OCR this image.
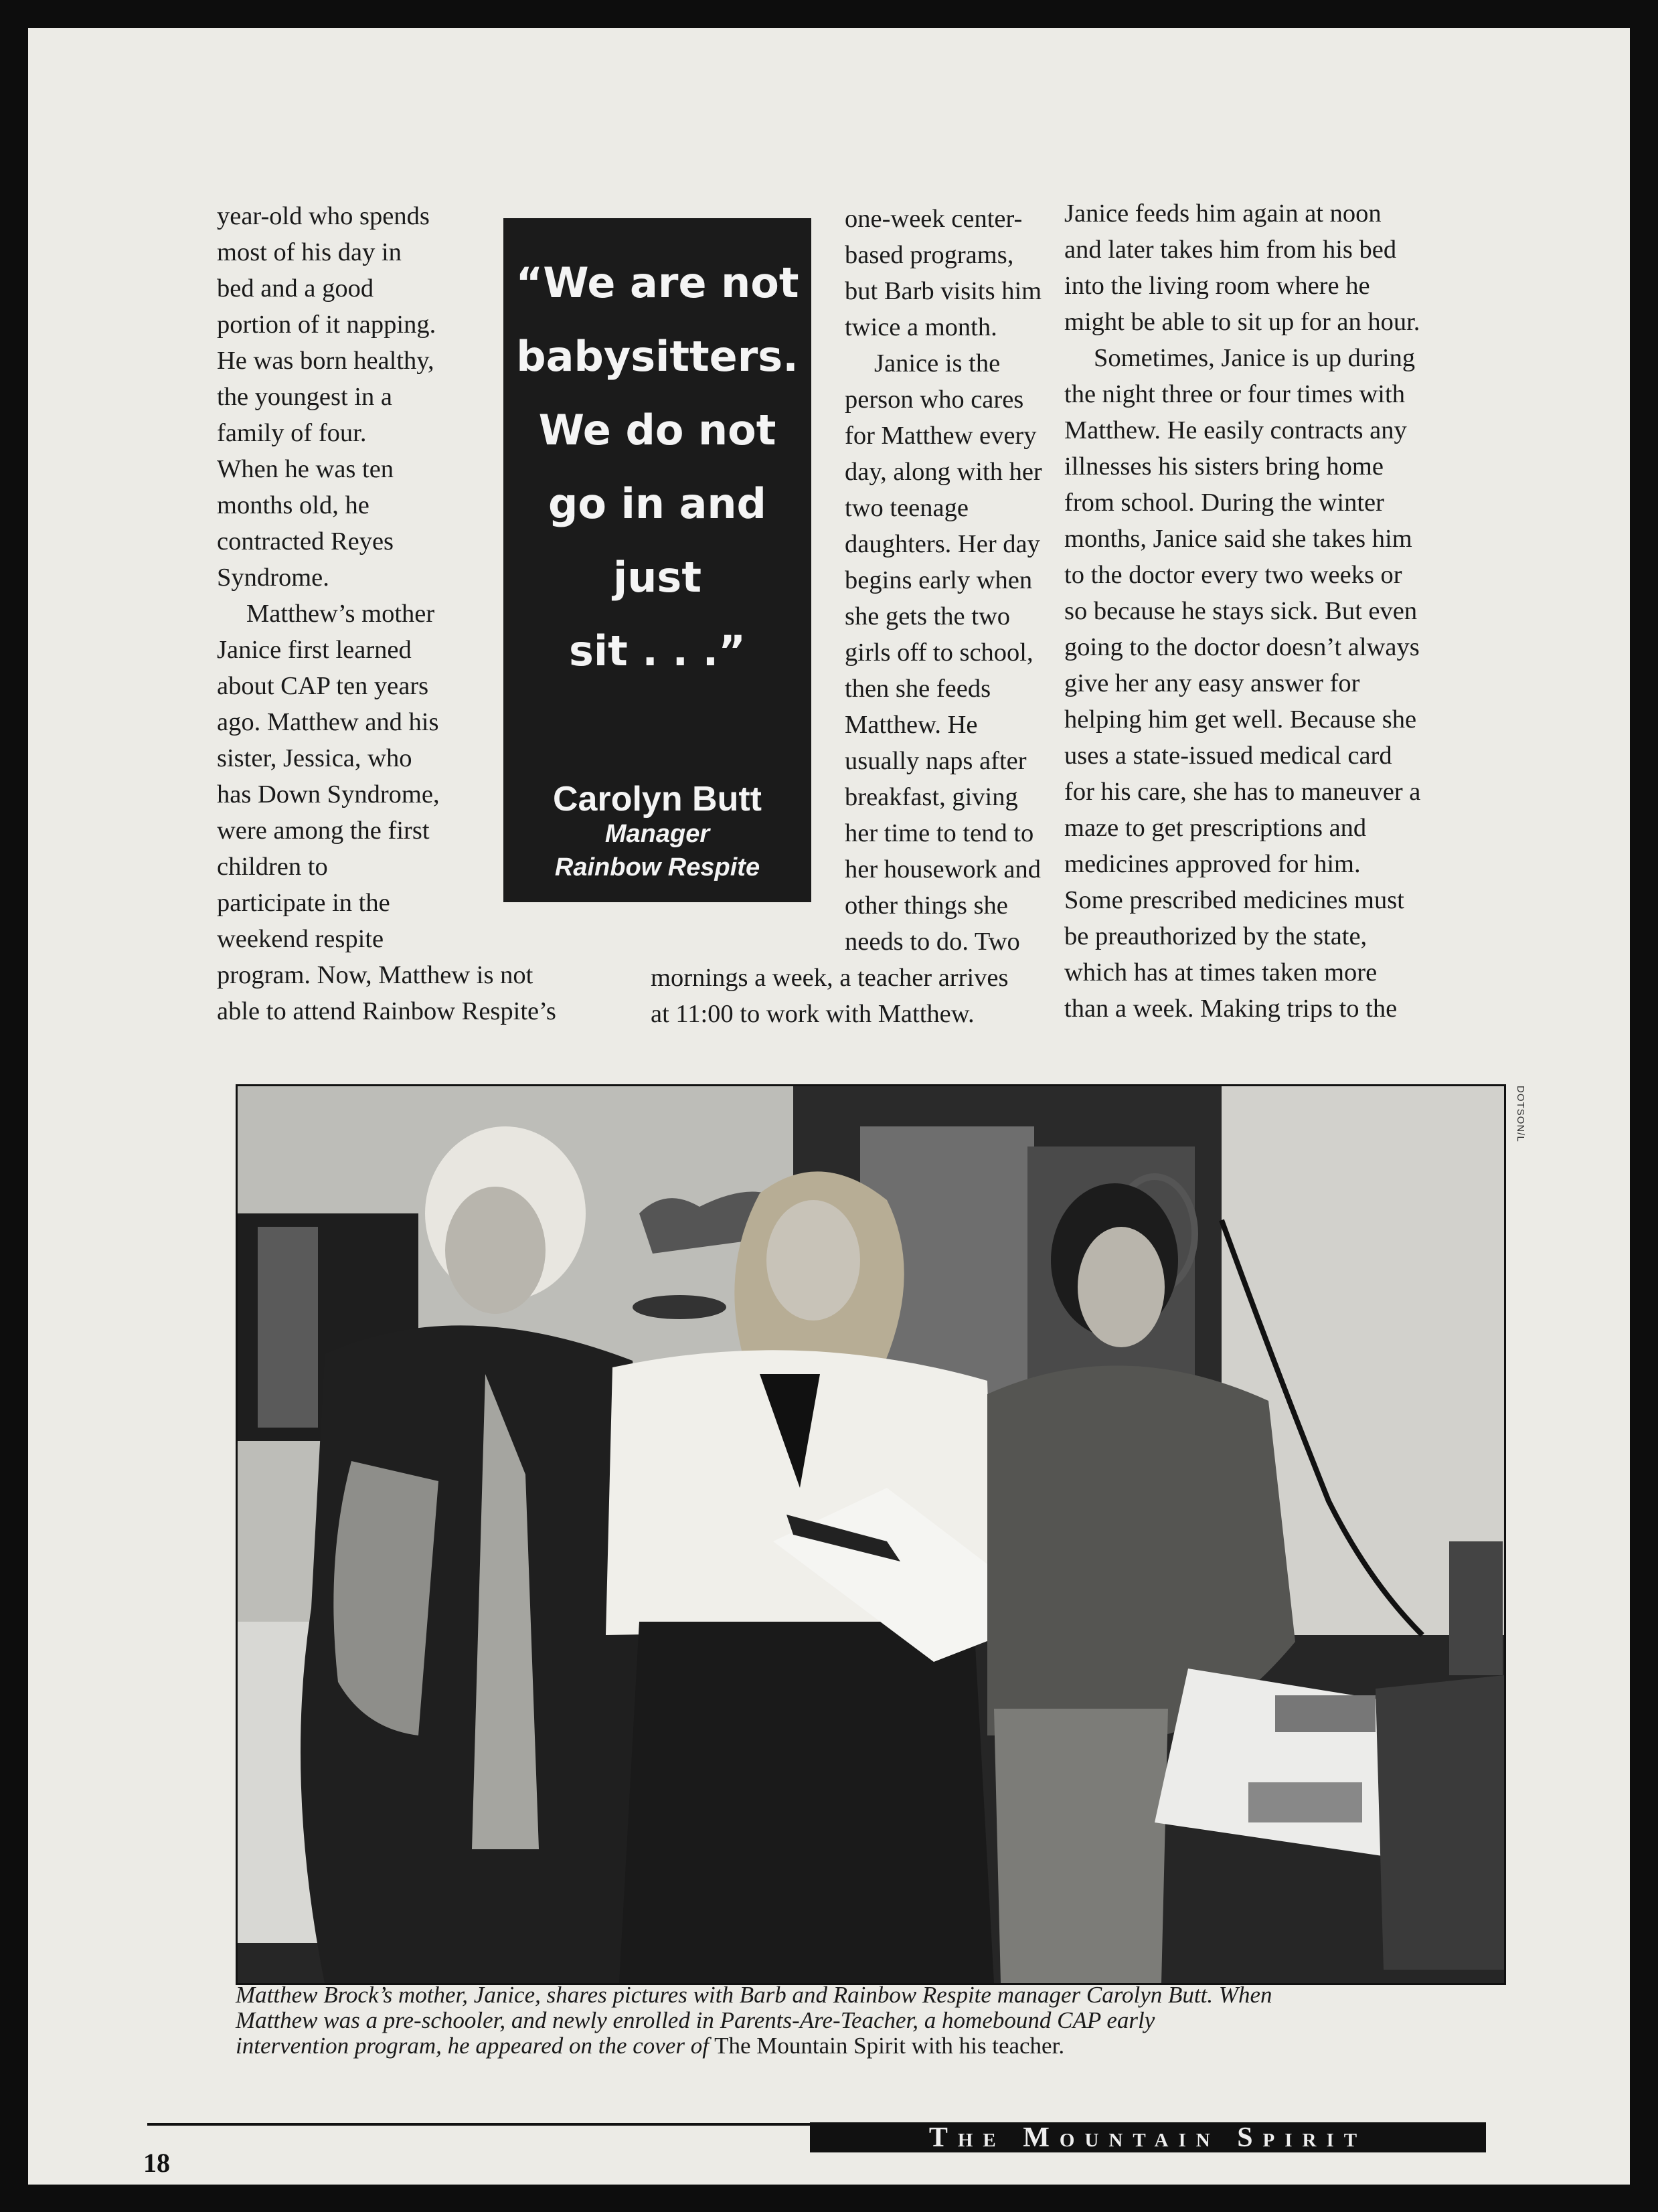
year-old who spends
most of his day in
bed and a good
portion of it napping.
He was born healthy,
the youngest in a
family of four.
When he was ten
months old, he
contracted Reyes
Syndrome.
Matthew’s mother
Janice first learned
about CAP ten years
ago. Matthew and his
sister, Jessica, who
has Down Syndrome,
were among the first
children to
participate in the
weekend respite
program. Now, Matthew is not
able to attend Rainbow Respite’s
“We are not
babysitters.
We do not
go in and
just
sit . . .”
Carolyn Butt
Manager
Rainbow Respite
one-week center-
based programs,
but Barb visits him
twice a month.
Janice is the
person who cares
for Matthew every
day, along with her
two teenage
daughters. Her day
begins early when
she gets the two
girls off to school,
then she feeds
Matthew. He
usually naps after
breakfast, giving
her time to tend to
her housework and
other things she
needs to do. Two
mornings a week, a teacher arrives
at 11:00 to work with Matthew.
Janice feeds him again at noon
and later takes him from his bed
into the living room where he
might be able to sit up for an hour.
Sometimes, Janice is up during
the night three or four times with
Matthew. He easily contracts any
illnesses his sisters bring home
from school. During the winter
months, Janice said she takes him
to the doctor every two weeks or
so because he stays sick. But even
going to the doctor doesn’t always
give her any easy answer for
helping him get well. Because she
uses a state-issued medical card
for his care, she has to maneuver a
maze to get prescriptions and
medicines approved for him.
Some prescribed medicines must
be preauthorized by the state,
which has at times taken more
than a week. Making trips to the
DOTSON/L
Matthew Brock’s mother, Janice, shares pictures with Barb and Rainbow Respite manager Carolyn Butt. When
Matthew was a pre-schooler, and newly enrolled in Parents-Are-Teacher, a homebound CAP early
intervention program, he appeared on the cover of The Mountain Spirit with his teacher.
The Mountain Spirit
18
